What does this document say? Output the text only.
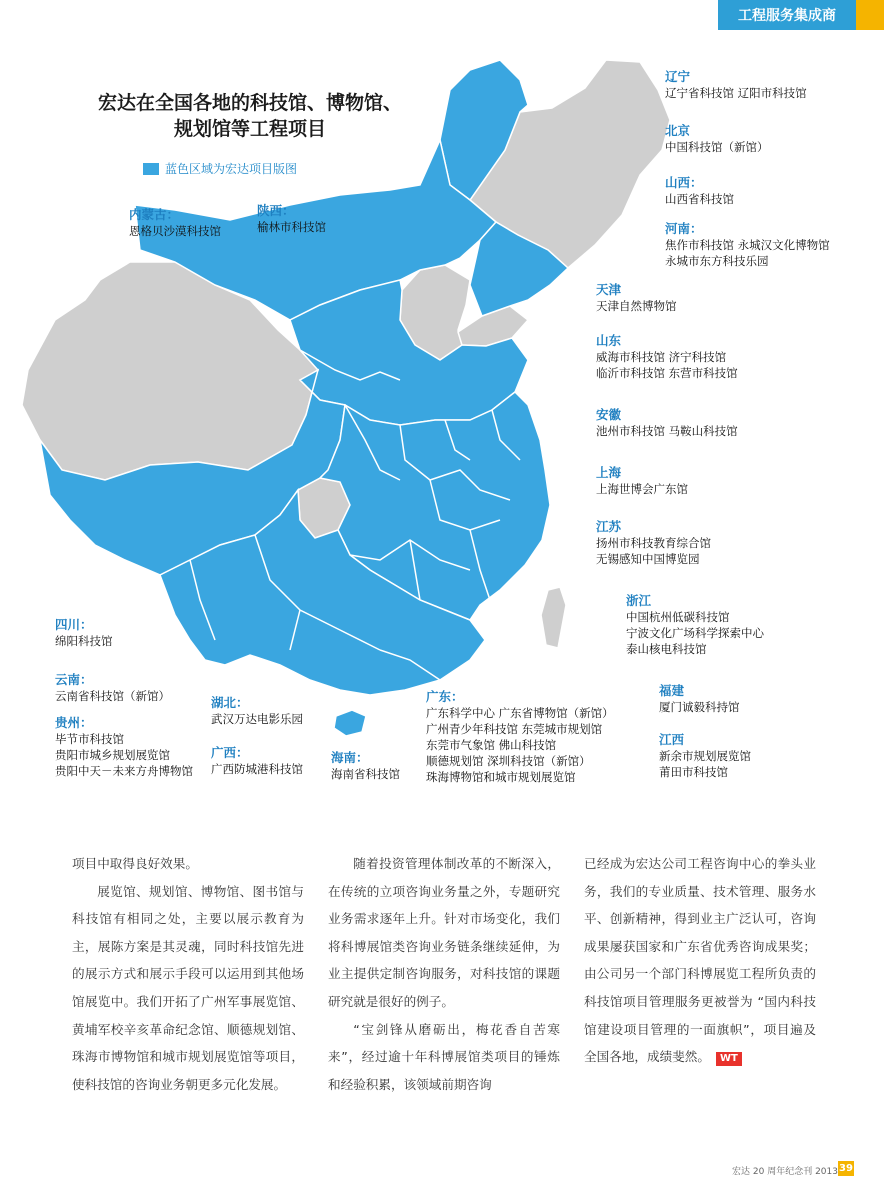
工程服务集成商
宏达在全国各地的科技馆、博物馆、
规划馆等工程项目
蓝色区域为宏达项目版图
内蒙古：
恩格贝沙漠科技馆
陕西：
榆林市科技馆
辽宁
辽宁省科技馆 辽阳市科技馆
北京
中国科技馆（新馆）
山西：
山西省科技馆
河南：
焦作市科技馆 永城汉文化博物馆
永城市东方科技乐园
天津
天津自然博物馆
山东
威海市科技馆 济宁科技馆
临沂市科技馆 东营市科技馆
安徽
池州市科技馆 马鞍山科技馆
上海
上海世博会广东馆
江苏
扬州市科技教育综合馆
无锡感知中国博览园
浙江
中国杭州低碳科技馆
宁波文化广场科学探索中心
泰山核电科技馆
四川：
绵阳科技馆
云南：
云南省科技馆（新馆）
贵州：
毕节市科技馆
贵阳市城乡规划展览馆
贵阳中天－未来方舟博物馆
湖北：
武汉万达电影乐园
广西：
广西防城港科技馆
海南：
海南省科技馆
广东：
广东科学中心 广东省博物馆（新馆）
广州青少年科技馆 东莞城市规划馆
东莞市气象馆 佛山科技馆
顺德规划馆 深圳科技馆（新馆）
珠海博物馆和城市规划展览馆
福建
厦门诚毅科持馆
江西
新余市规划展览馆
莆田市科技馆

项目中取得良好效果。

展览馆、规划馆、博物馆、图书馆与科技馆有相同之处，主要以展示教育为主，展陈方案是其灵魂，同时科技馆先进的展示方式和展示手段可以运用到其他场馆展览中。我们开拓了广州军事展览馆、黄埔军校辛亥革命纪念馆、顺德规划馆、珠海市博物馆和城市规划展览馆等项目，使科技馆的咨询业务朝更多元化发展。

随着投资管理体制改革的不断深入，在传统的立项咨询业务量之外，专题研究业务需求逐年上升。针对市场变化，我们将科博展馆类咨询业务链条继续延伸，为业主提供定制咨询服务，对科技馆的课题研究就是很好的例子。

“宝剑锋从磨砺出，梅花香自苦寒来”，经过逾十年科博展馆类项目的锤炼和经验积累，该领域前期咨询

已经成为宏达公司工程咨询中心的拳头业务，我们的专业质量、技术管理、服务水平、创新精神，得到业主广泛认可，咨询成果屡获国家和广东省优秀咨询成果奖；由公司另一个部门科博展览工程所负责的科技馆项目管理服务更被誉为 “国内科技馆建设项目管理的一面旗帜”，项目遍及全国各地，成绩斐然。 WT

宏达 20 周年纪念刊 2013 39
